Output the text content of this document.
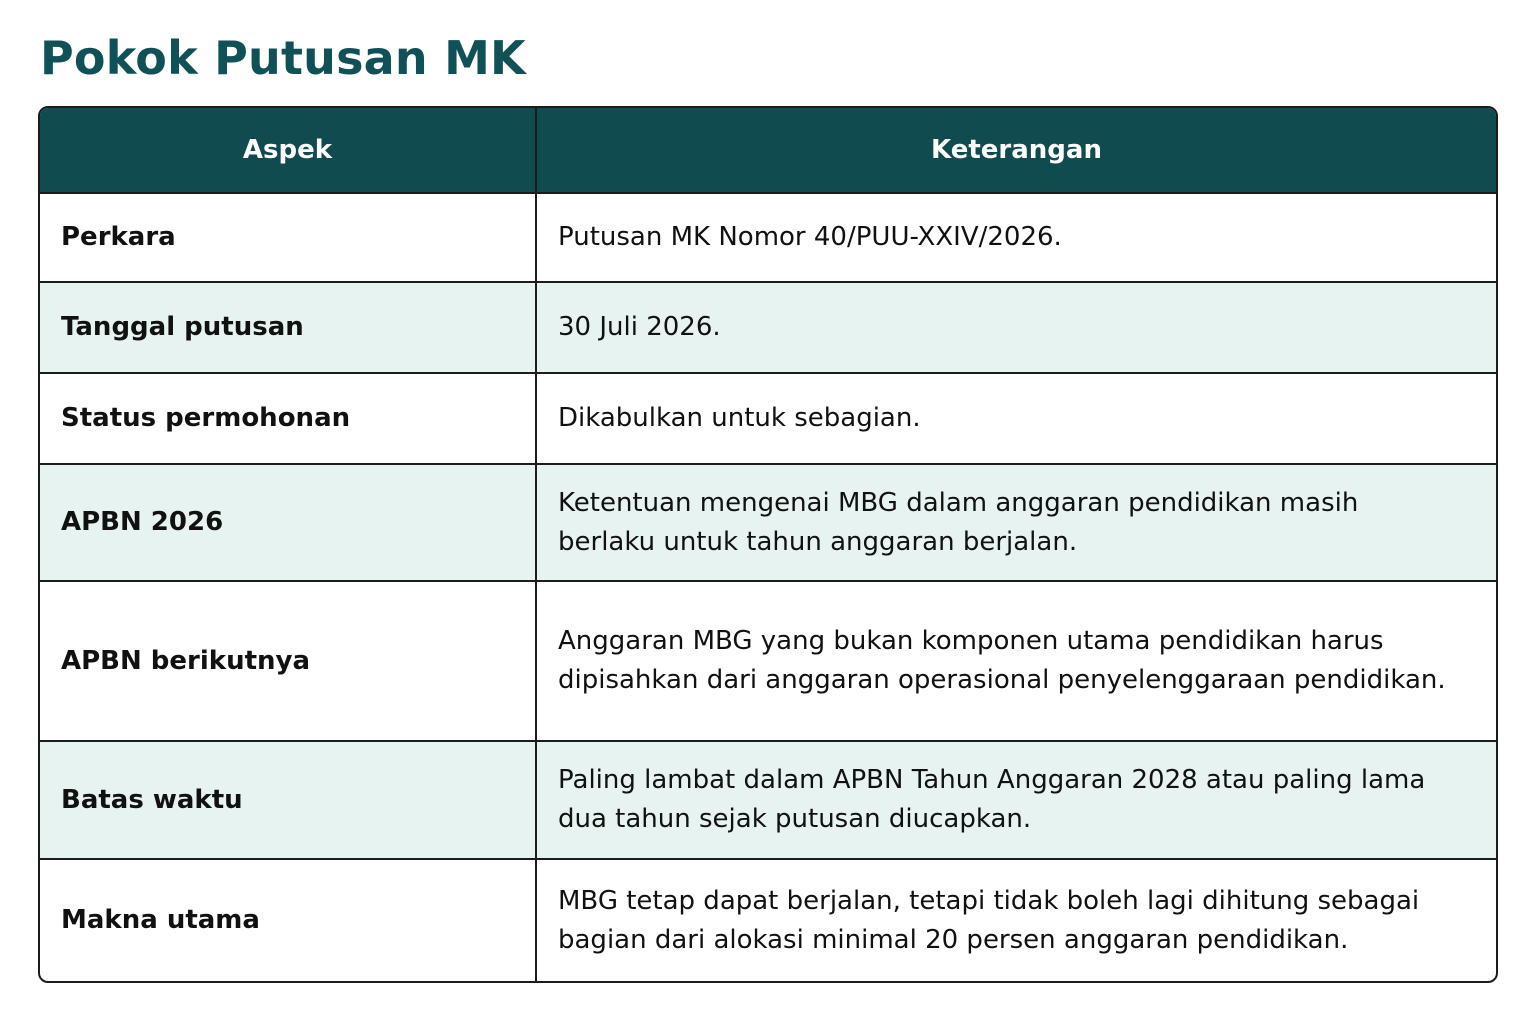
Pokok Putusan MK
Aspek	Keterangan
Perkara	Putusan MK Nomor 40/PUU-XXIV/2026.
Tanggal putusan	30 Juli 2026.
Status permohonan	Dikabulkan untuk sebagian.
APBN 2026	Ketentuan mengenai MBG dalam anggaran pendidikan masih berlaku untuk tahun anggaran berjalan.
APBN berikutnya	Anggaran MBG yang bukan komponen utama pendidikan harus dipisahkan dari anggaran operasional penyelenggaraan pendidikan.
Batas waktu	Paling lambat dalam APBN Tahun Anggaran 2028 atau paling lama dua tahun sejak putusan diucapkan.
Makna utama	MBG tetap dapat berjalan, tetapi tidak boleh lagi dihitung sebagai bagian dari alokasi minimal 20 persen anggaran pendidikan.
